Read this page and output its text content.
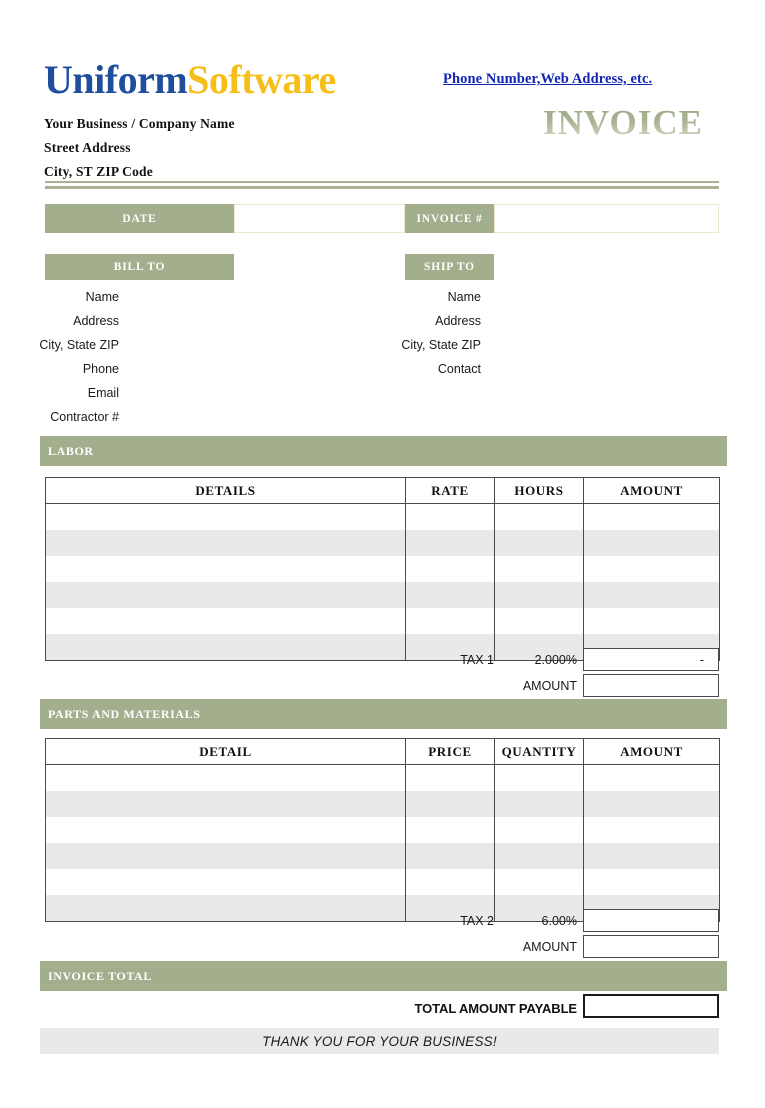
UniformSoftware
Your Business / Company Name
Street Address
City, ST ZIP Code
Phone Number,Web Address, etc.
INVOICE
DATE	INVOICE #
BILL TO	SHIP TO
Name
Address
City, State ZIP
Phone
Email
Contractor #
Name
Address
City, State ZIP
Contact
LABOR
DETAILS	RATE	HOURS	AMOUNT

TAX 1	2.000%	-
AMOUNT
PARTS AND MATERIALS
DETAIL	PRICE	QUANTITY	AMOUNT

TAX 2	6.00%
AMOUNT
INVOICE TOTAL
TOTAL AMOUNT PAYABLE
THANK YOU FOR YOUR BUSINESS!
